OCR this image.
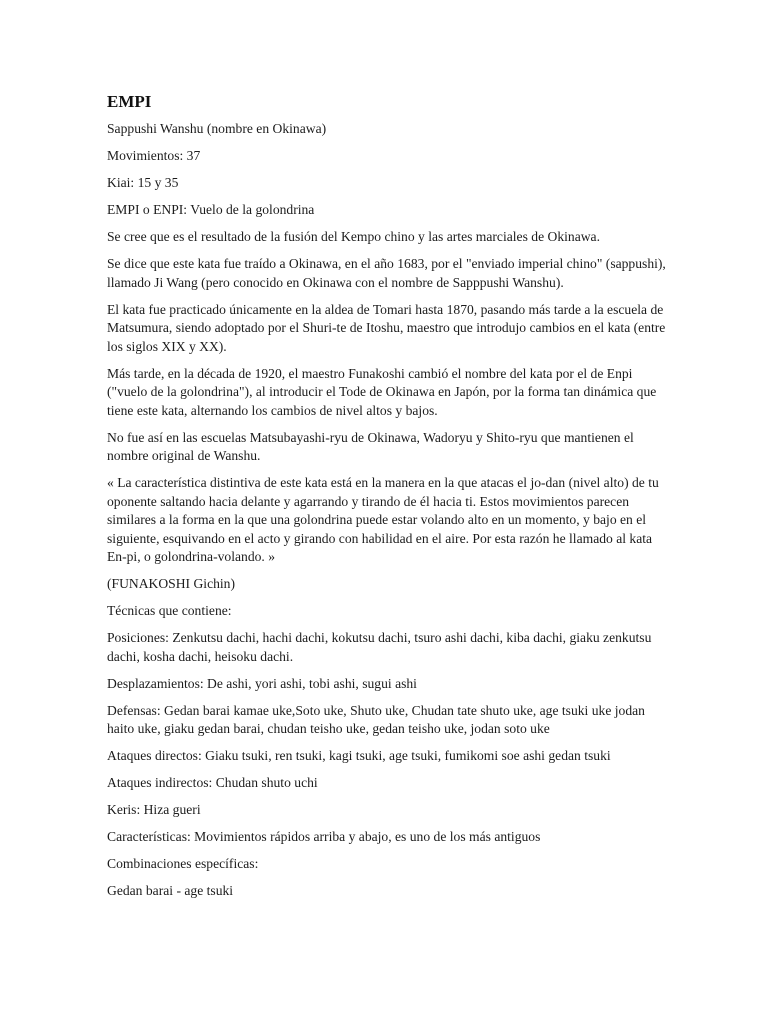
EMPI

Sappushi Wanshu (nombre en Okinawa)

Movimientos: 37

Kiai: 15 y 35

EMPI o ENPI: Vuelo de la golondrina

Se cree que es el resultado de la fusión del Kempo chino y las artes marciales de Okinawa.

Se dice que este kata fue traído a Okinawa, en el año 1683, por el "enviado imperial chino" (sappushi), llamado Ji Wang (pero conocido en Okinawa con el nombre de Sapppushi Wanshu).

El kata fue practicado únicamente en la aldea de Tomari hasta 1870, pasando más tarde a la escuela de Matsumura, siendo adoptado por el Shuri-te de Itoshu, maestro que introdujo cambios en el kata (entre los siglos XIX y XX).

Más tarde, en la década de 1920, el maestro Funakoshi cambió el nombre del kata por el de Enpi ("vuelo de la golondrina"), al introducir el Tode de Okinawa en Japón, por la forma tan dinámica que tiene este kata, alternando los cambios de nivel altos y bajos.

No fue así en las escuelas Matsubayashi-ryu de Okinawa, Wadoryu y Shito-ryu que mantienen el nombre original de Wanshu.

« La característica distintiva de este kata está en la manera en la que atacas el jo-dan (nivel alto) de tu oponente saltando hacia delante y agarrando y tirando de él hacia ti. Estos movimientos parecen similares a la forma en la que una golondrina puede estar volando alto en un momento, y bajo en el siguiente, esquivando en el acto y girando con habilidad en el aire. Por esta razón he llamado al kata En-pi, o golondrina-volando. »

(FUNAKOSHI Gichin)

Técnicas que contiene:

Posiciones: Zenkutsu dachi, hachi dachi, kokutsu dachi, tsuro ashi dachi, kiba dachi, giaku zenkutsu dachi, kosha dachi, heisoku dachi.

Desplazamientos: De ashi, yori ashi, tobi ashi, sugui ashi

Defensas: Gedan barai kamae uke,Soto uke, Shuto uke, Chudan tate shuto uke, age tsuki uke jodan haito uke, giaku gedan barai, chudan teisho uke, gedan teisho uke, jodan soto uke

Ataques directos: Giaku tsuki, ren tsuki, kagi tsuki, age tsuki, fumikomi soe ashi gedan tsuki

Ataques indirectos: Chudan shuto uchi

Keris: Hiza gueri

Características: Movimientos rápidos arriba y abajo, es uno de los más antiguos

Combinaciones específicas:

Gedan barai - age tsuki
